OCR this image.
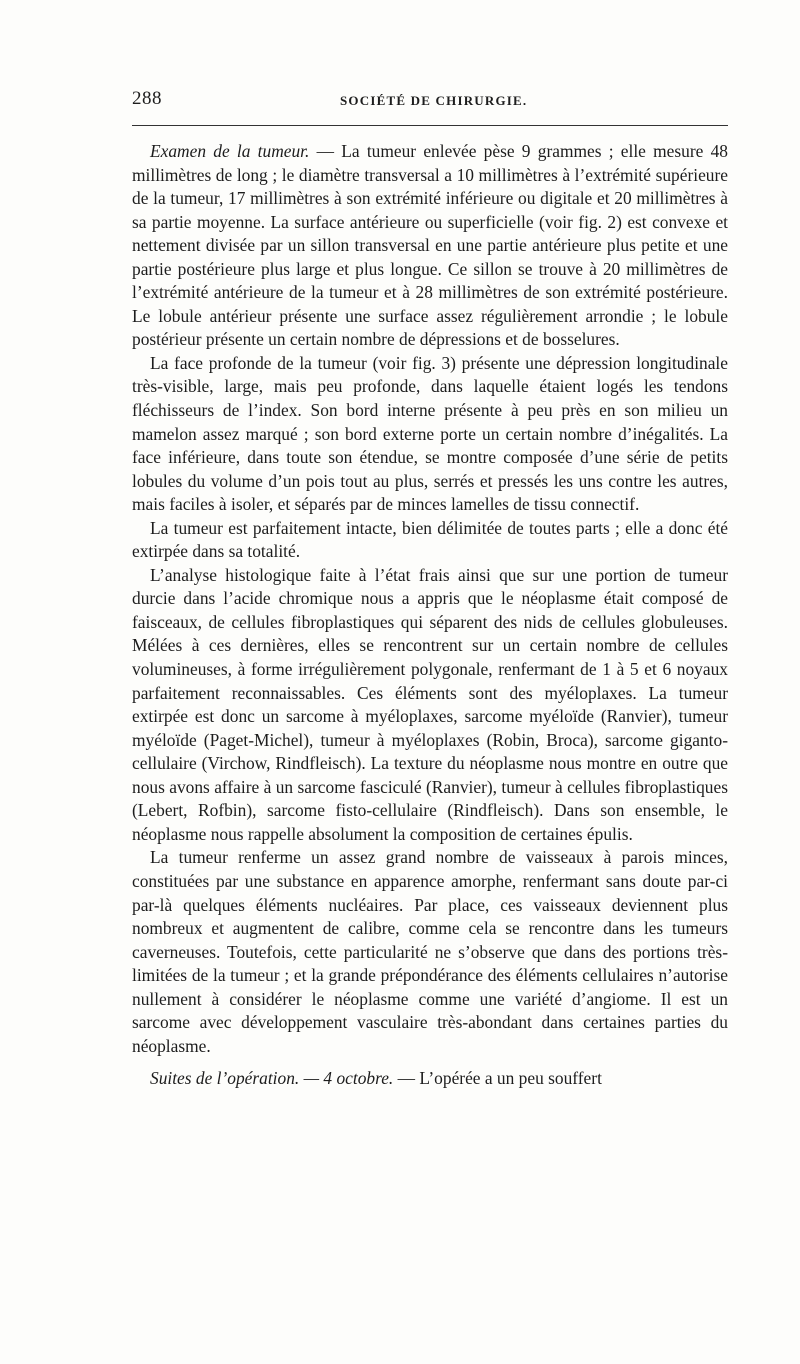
288	SOCIÉTÉ DE CHIRURGIE.

Examen de la tumeur. — La tumeur enlevée pèse 9 grammes ; elle mesure 48 millimètres de long ; le diamètre transversal a 10 millimètres à l’extrémité supérieure de la tumeur, 17 millimètres à son extrémité inférieure ou digitale et 20 millimètres à sa partie moyenne. La surface antérieure ou superficielle (voir fig. 2) est convexe et nettement divisée par un sillon transversal en une partie antérieure plus petite et une partie postérieure plus large et plus longue. Ce sillon se trouve à 20 millimètres de l’extrémité antérieure de la tumeur et à 28 millimètres de son extrémité postérieure. Le lobule antérieur présente une surface assez régulièrement arrondie ; le lobule postérieur présente un certain nombre de dépressions et de bosselures.

La face profonde de la tumeur (voir fig. 3) présente une dépression longitudinale très-visible, large, mais peu profonde, dans laquelle étaient logés les tendons fléchisseurs de l’index. Son bord interne présente à peu près en son milieu un mamelon assez marqué ; son bord externe porte un certain nombre d’inégalités. La face inférieure, dans toute son étendue, se montre composée d’une série de petits lobules du volume d’un pois tout au plus, serrés et pressés les uns contre les autres, mais faciles à isoler, et séparés par de minces lamelles de tissu connectif.

La tumeur est parfaitement intacte, bien délimitée de toutes parts ; elle a donc été extirpée dans sa totalité.

L’analyse histologique faite à l’état frais ainsi que sur une portion de tumeur durcie dans l’acide chromique nous a appris que le néoplasme était composé de faisceaux, de cellules fibroplastiques qui séparent des nids de cellules globuleuses. Mélées à ces dernières, elles se rencontrent sur un certain nombre de cellules volumineuses, à forme irrégulièrement polygonale, renfermant de 1 à 5 et 6 noyaux parfaitement reconnaissables. Ces éléments sont des myéloplaxes. La tumeur extirpée est donc un sarcome à myéloplaxes, sarcome myéloïde (Ranvier), tumeur myéloïde (Paget-Michel), tumeur à myéloplaxes (Robin, Broca), sarcome giganto-cellulaire (Virchow, Rindfleisch). La texture du néoplasme nous montre en outre que nous avons affaire à un sarcome fasciculé (Ranvier), tumeur à cellules fibroplastiques (Lebert, Rofbin), sarcome fisto-cellulaire (Rindfleisch). Dans son ensemble, le néoplasme nous rappelle absolument la composition de certaines épulis.

La tumeur renferme un assez grand nombre de vaisseaux à parois minces, constituées par une substance en apparence amorphe, renfermant sans doute par-ci par-là quelques éléments nucléaires. Par place, ces vaisseaux deviennent plus nombreux et augmentent de calibre, comme cela se rencontre dans les tumeurs caverneuses. Toutefois, cette particularité ne s’observe que dans des portions très-limitées de la tumeur ; et la grande prépondérance des éléments cellulaires n’autorise nullement à considérer le néoplasme comme une variété d’angiome. Il est un sarcome avec développement vasculaire très-abondant dans certaines parties du néoplasme.

Suites de l’opération. — 4 octobre. — L’opérée a un peu souffert
